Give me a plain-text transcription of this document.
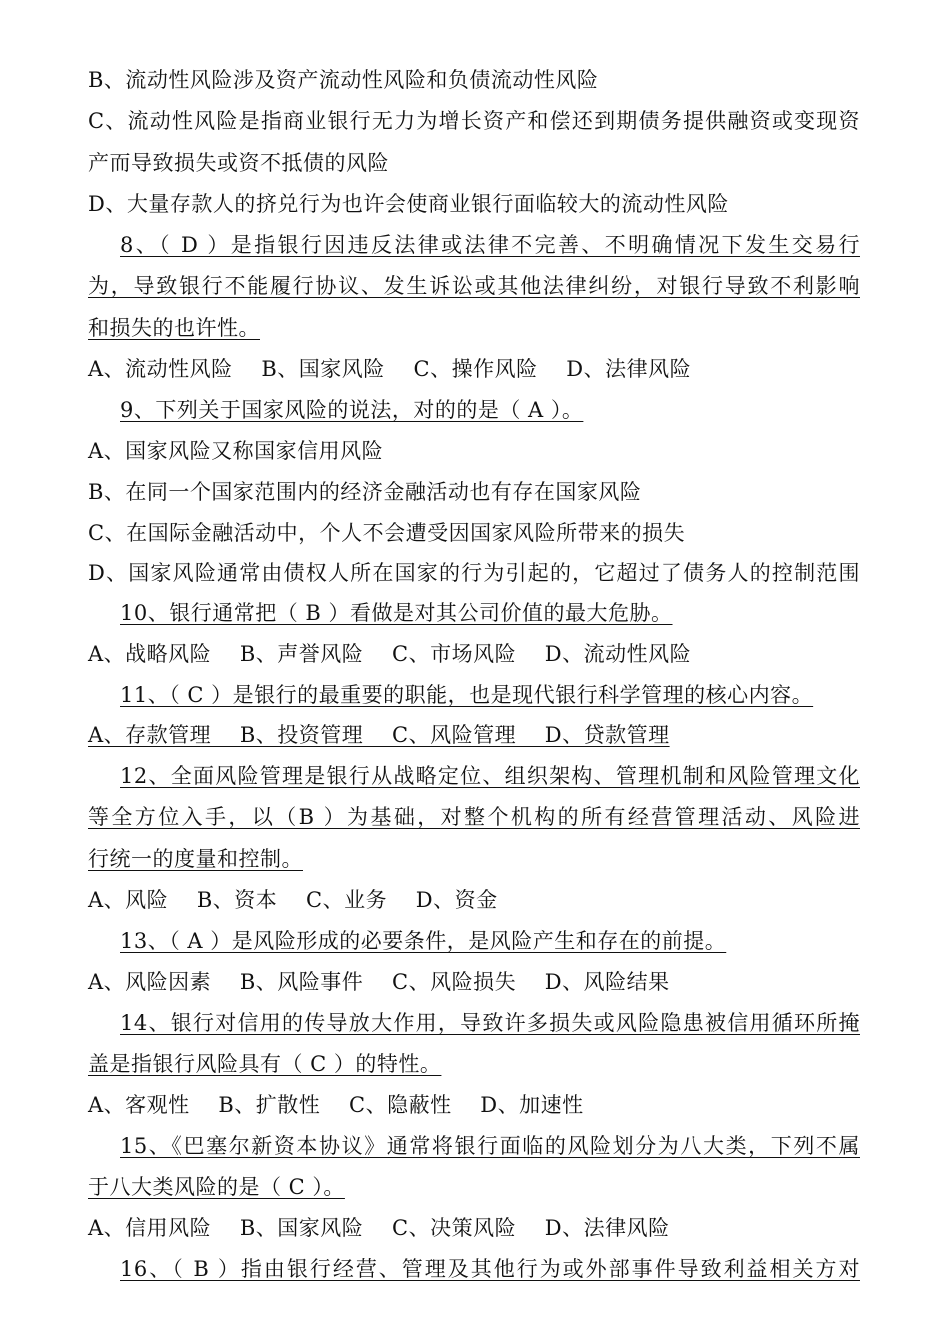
B、流动性风险涉及资产流动性风险和负债流动性风险
C、流动性风险是指商业银行无力为增长资产和偿还到期债务提供融资或变现资
产而导致损失或资不抵债的风险
D、大量存款人的挤兑行为也许会使商业银行面临较大的流动性风险
8、（ D ）是指银行因违反法律或法律不完善、不明确情况下发生交易行
为，导致银行不能履行协议、发生诉讼或其他法律纠纷，对银行导致不利影响
和损失的也许性。
A、流动性风险    B、国家风险    C、操作风险    D、法律风险
9、下列关于国家风险的说法，对的的是（ A ）。
A、国家风险又称国家信用风险
B、在同一个国家范围内的经济金融活动也有存在国家风险
C、在国际金融活动中，个人不会遭受因国家风险所带来的损失
D、国家风险通常由债权人所在国家的行为引起的，它超过了债务人的控制范围
10、银行通常把（ B ）看做是对其公司价值的最大危胁。
A、战略风险    B、声誉风险    C、市场风险    D、流动性风险
11、（ C ）是银行的最重要的职能，也是现代银行科学管理的核心内容。
A、存款管理    B、投资管理    C、风险管理    D、贷款管理
12、全面风险管理是银行从战略定位、组织架构、管理机制和风险管理文化
等全方位入手，以（B ）为基础，对整个机构的所有经营管理活动、风险进
行统一的度量和控制。
A、风险    B、资本    C、业务    D、资金
13、（ A ）是风险形成的必要条件，是风险产生和存在的前提。
A、风险因素    B、风险事件    C、风险损失    D、风险结果
14、银行对信用的传导放大作用，导致许多损失或风险隐患被信用循环所掩
盖是指银行风险具有（ C ）的特性。
A、客观性    B、扩散性    C、隐蔽性    D、加速性
15、《巴塞尔新资本协议》通常将银行面临的风险划分为八大类，下列不属
于八大类风险的是（ C ）。
A、信用风险    B、国家风险    C、决策风险    D、法律风险
16、（ B ）指由银行经营、管理及其他行为或外部事件导致利益相关方对
